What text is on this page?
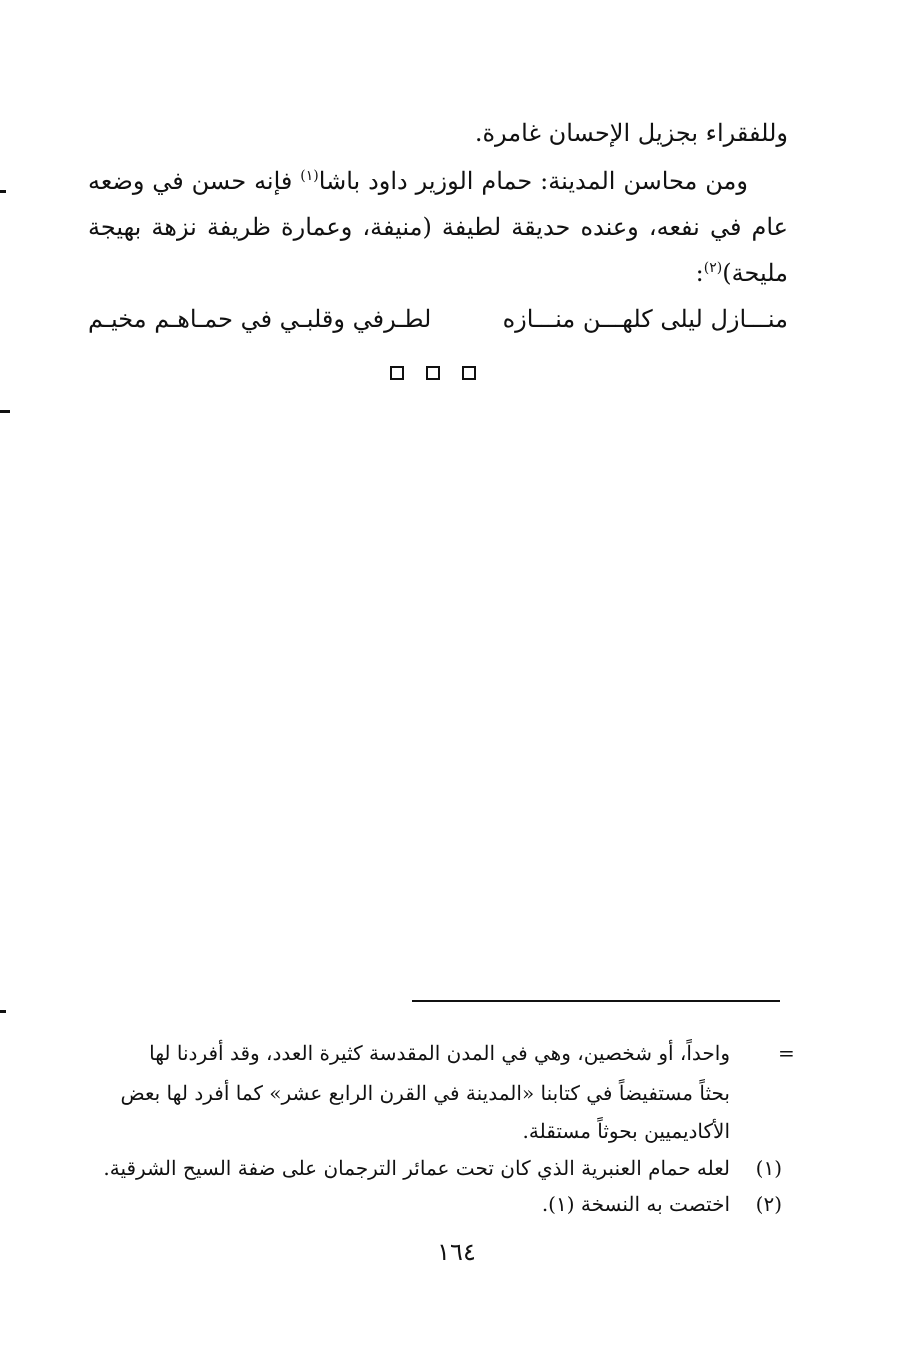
وللفقراء بجزيل الإحسان غامرة.
ومن محاسن المدينة: حمام الوزير داود باشا$^{(١)}$ فإنه حسن في وضعه عام في نفعه، وعنده حديقة لطيفة (منيفة، وعمارة ظريفة نزهة بهيجة مليحة)$^{(٢)}$:
منـــازل ليلى كلهـــن منـــازه
لطـرفي وقلبـي في حمـاهـم مخيـم
=
واحداً، أو شخصين، وهي في المدن المقدسة كثيرة العدد، وقد أفردنا لها
بحثاً مستفيضاً في كتابنا «المدينة في القرن الرابع عشر» كما أفرد لها بعض
الأكاديميين بحوثاً مستقلة.
(١)
لعله حمام العنبرية الذي كان تحت عمائر الترجمان على ضفة السيح الشرقية.
(٢)
اختصت به النسخة (١).
١٦٤
